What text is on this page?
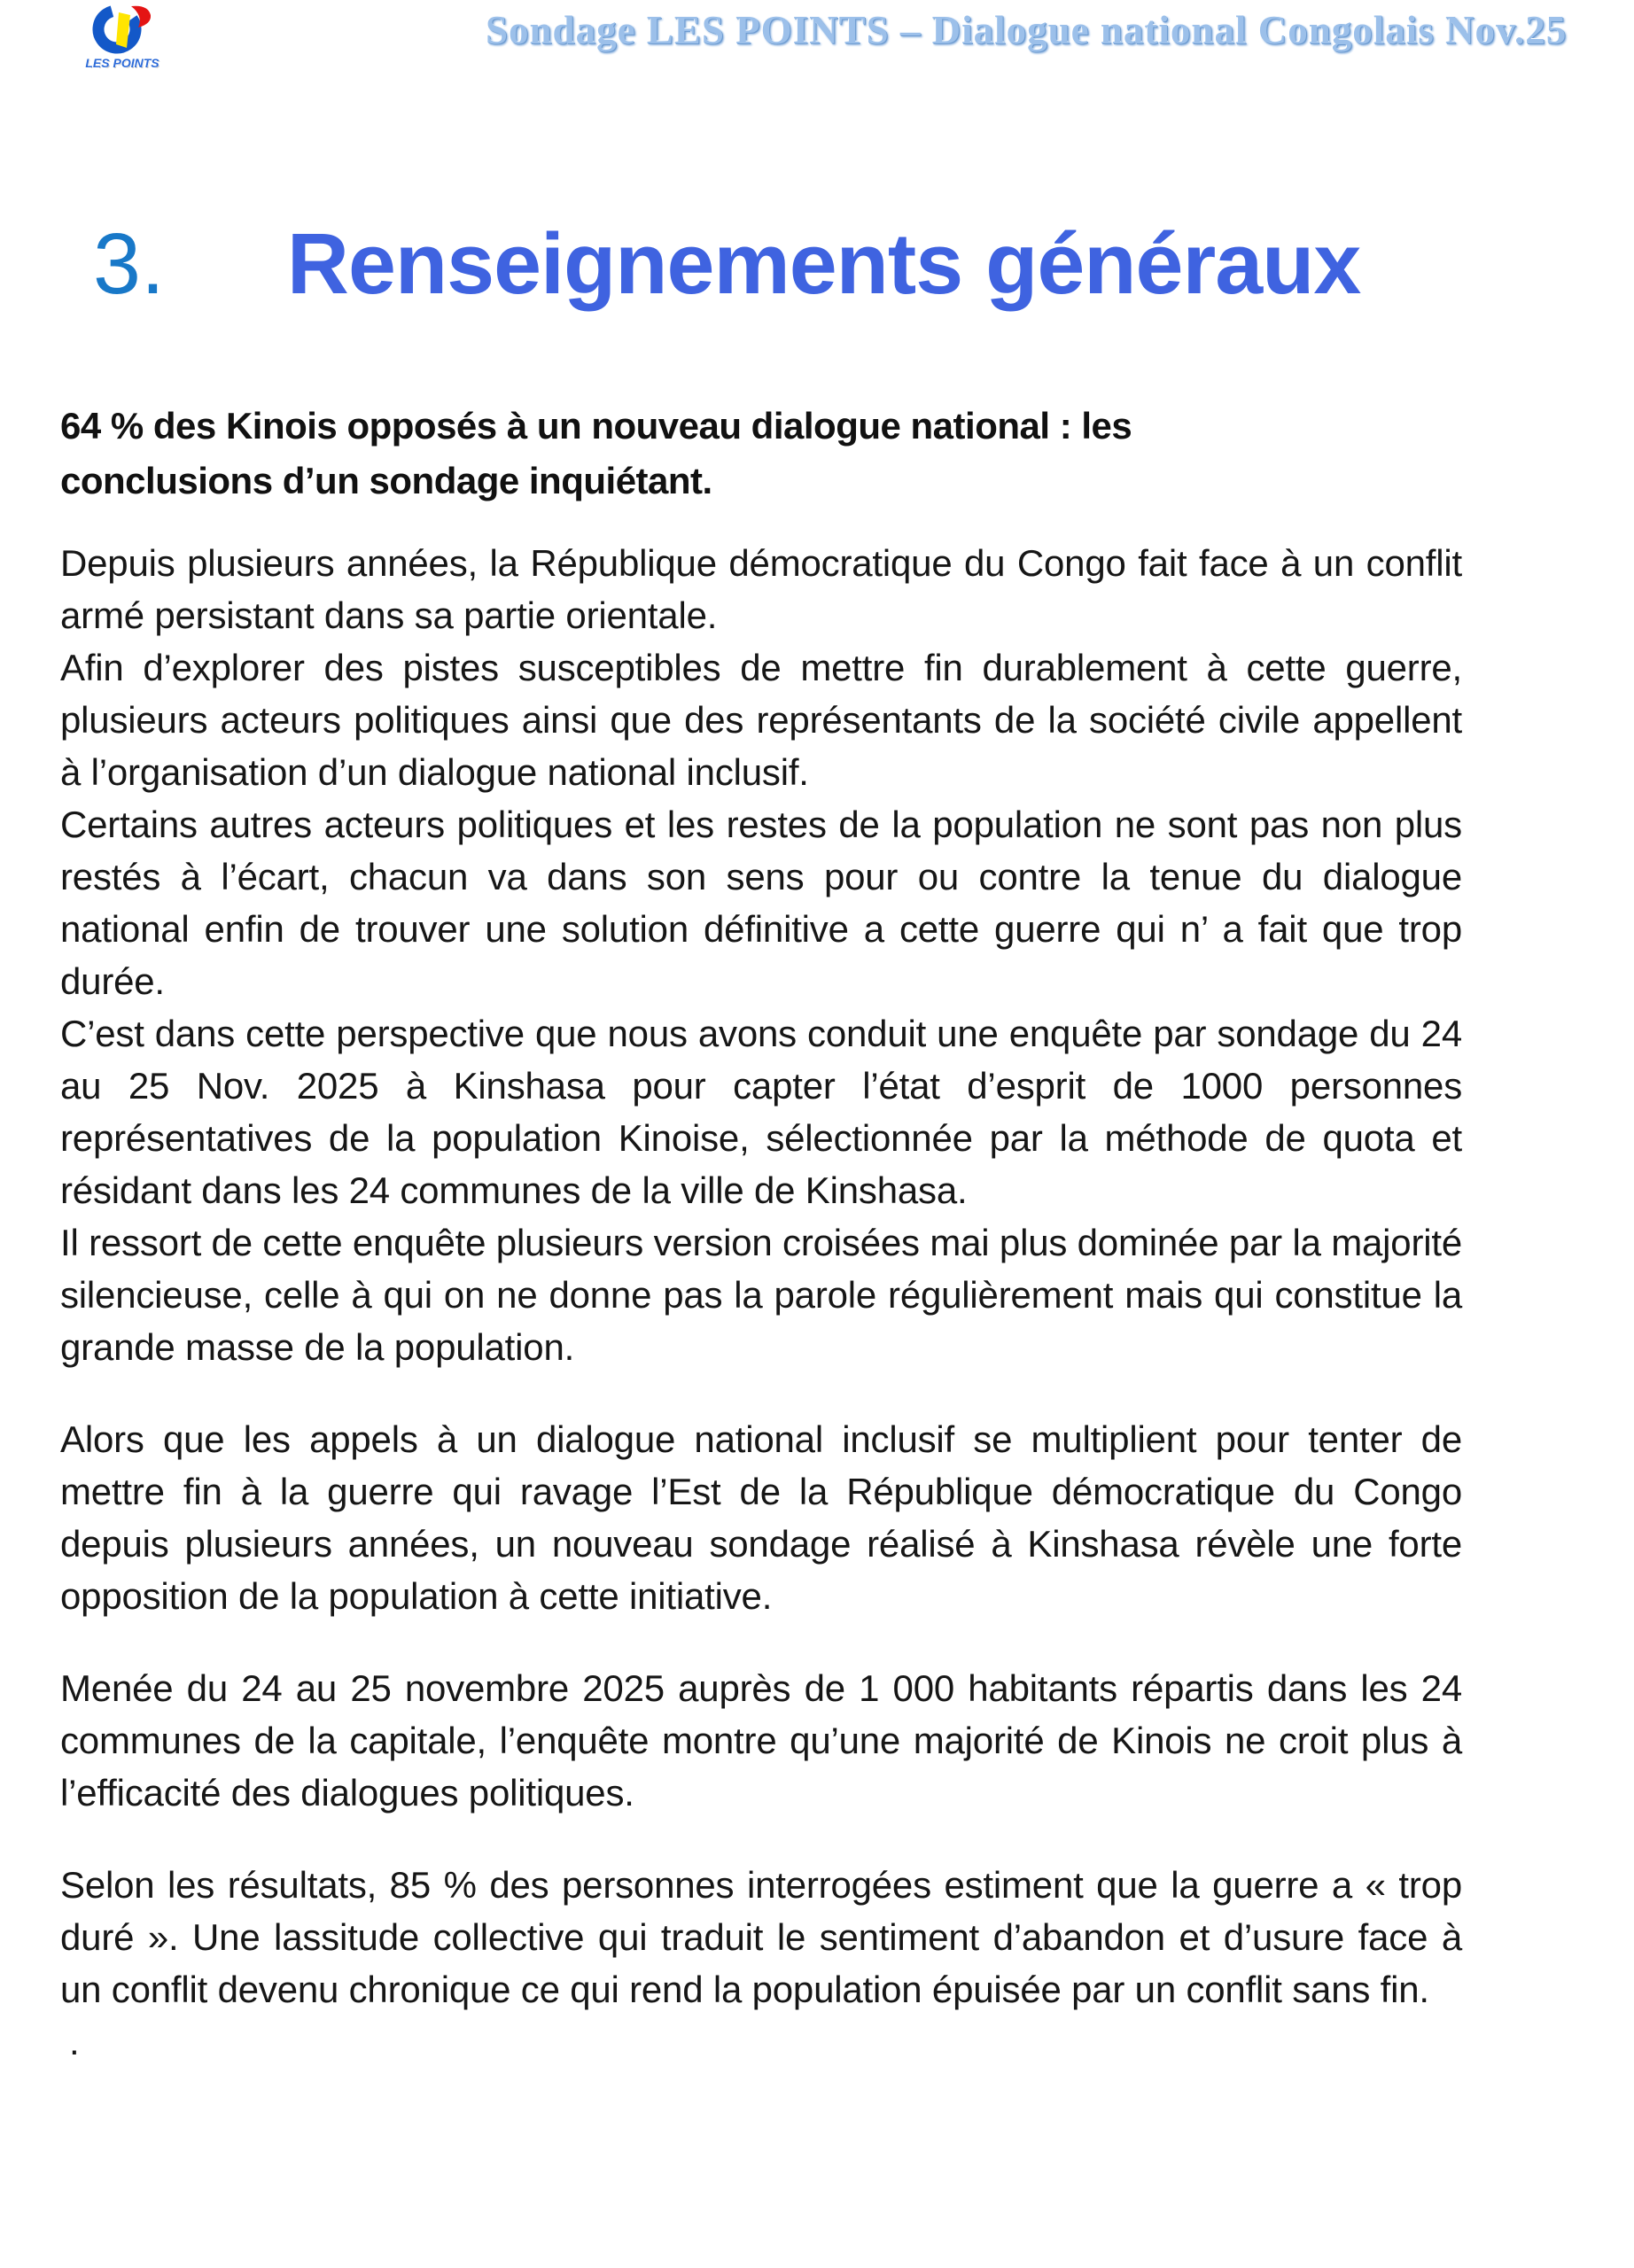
LES POINTS
Sondage LES POINTS – Dialogue national Congolais Nov.25
3. Renseignements généraux
64 % des Kinois opposés à un nouveau dialogue national : les conclusions d’un sondage inquiétant.

Depuis plusieurs années, la République démocratique du Congo fait face à un conflit armé persistant dans sa partie orientale.

Afin d’explorer des pistes susceptibles de mettre fin durablement à cette guerre, plusieurs acteurs politiques ainsi que des représentants de la société civile appellent à l’organisation d’un dialogue national inclusif.

Certains autres acteurs politiques et les restes de la population ne sont pas non plus restés à l’écart, chacun va dans son sens pour ou contre la tenue du dialogue national enfin de trouver une solution définitive a cette guerre qui n’ a fait que trop durée.

C’est dans cette perspective que nous avons conduit une enquête par sondage du 24 au 25 Nov. 2025 à Kinshasa pour capter l’état d’esprit de 1000 personnes représentatives de la population Kinoise, sélectionnée par la méthode de quota et résidant dans les 24 communes de la ville de Kinshasa.

Il ressort de cette enquête plusieurs version croisées mai plus dominée par la majorité silencieuse, celle à qui on ne donne pas la parole régulièrement mais qui constitue la grande masse de la population.

Alors que les appels à un dialogue national inclusif se multiplient pour tenter de mettre fin à la guerre qui ravage l’Est de la République démocratique du Congo depuis plusieurs années, un nouveau sondage réalisé à Kinshasa révèle une forte opposition de la population à cette initiative.

Menée du 24 au 25 novembre 2025 auprès de 1 000 habitants répartis dans les 24 communes de la capitale, l’enquête montre qu’une majorité de Kinois ne croit plus à l’efficacité des dialogues politiques.

Selon les résultats, 85 % des personnes interrogées estiment que la guerre a « trop duré ». Une lassitude collective qui traduit le sentiment d’abandon et d’usure face à un conflit devenu chronique ce qui rend la population épuisée par un conflit sans fin.

.
